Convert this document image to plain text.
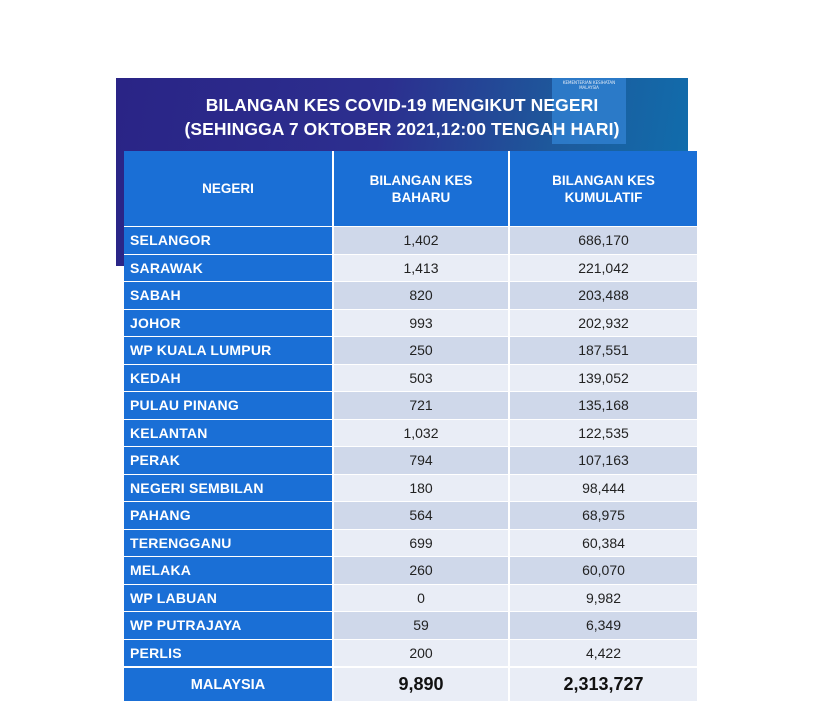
KEMENTERIAN KESIHATAN MALAYSIA
BILANGAN KES COVID-19 MENGIKUT NEGERI
(SEHINGGA 7 OKTOBER 2021,12:00 TENGAH HARI)
NEGERI	BILANGAN KES BAHARU	BILANGAN KES KUMULATIF

SELANGOR	1,402	686,170
SARAWAK	1,413	221,042
SABAH	820	203,488
JOHOR	993	202,932
WP KUALA LUMPUR	250	187,551
KEDAH	503	139,052
PULAU PINANG	721	135,168
KELANTAN	1,032	122,535
PERAK	794	107,163
NEGERI SEMBILAN	180	98,444
PAHANG	564	68,975
TERENGGANU	699	60,384
MELAKA	260	60,070
WP LABUAN	0	9,982
WP PUTRAJAYA	59	6,349
PERLIS	200	4,422
MALAYSIA	9,890	2,313,727
